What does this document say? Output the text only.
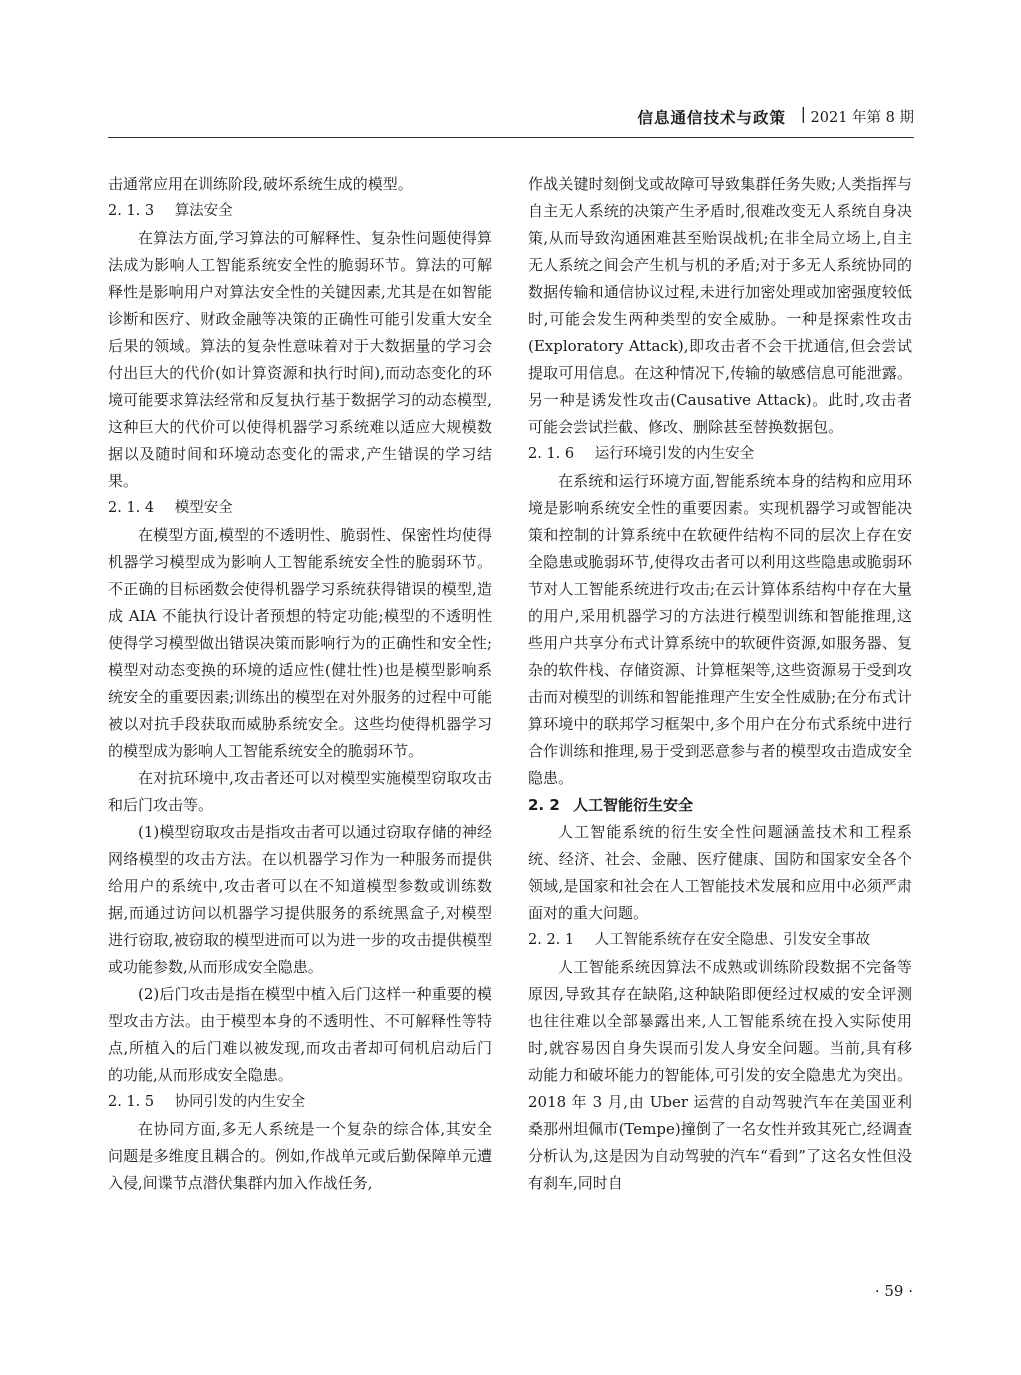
信息通信技术与政策 | 2021 年第 8 期

击通常应用在训练阶段,破坏系统生成的模型。

2. 1. 3 算法安全

在算法方面,学习算法的可解释性、复杂性问题使得算法成为影响人工智能系统安全性的脆弱环节。算法的可解释性是影响用户对算法安全性的关键因素,尤其是在如智能诊断和医疗、财政金融等决策的正确性可能引发重大安全后果的领域。算法的复杂性意味着对于大数据量的学习会付出巨大的代价(如计算资源和执行时间),而动态变化的环境可能要求算法经常和反复执行基于数据学习的动态模型,这种巨大的代价可以使得机器学习系统难以适应大规模数据以及随时间和环境动态变化的需求,产生错误的学习结果。

2. 1. 4 模型安全

在模型方面,模型的不透明性、脆弱性、保密性均使得机器学习模型成为影响人工智能系统安全性的脆弱环节。不正确的目标函数会使得机器学习系统获得错误的模型,造成 AIA 不能执行设计者预想的特定功能;模型的不透明性使得学习模型做出错误决策而影响行为的正确性和安全性;模型对动态变换的环境的适应性(健壮性)也是模型影响系统安全的重要因素;训练出的模型在对外服务的过程中可能被以对抗手段获取而威胁系统安全。这些均使得机器学习的模型成为影响人工智能系统安全的脆弱环节。

在对抗环境中,攻击者还可以对模型实施模型窃取攻击和后门攻击等。

(1)模型窃取攻击是指攻击者可以通过窃取存储的神经网络模型的攻击方法。在以机器学习作为一种服务而提供给用户的系统中,攻击者可以在不知道模型参数或训练数据,而通过访问以机器学习提供服务的系统黑盒子,对模型进行窃取,被窃取的模型进而可以为进一步的攻击提供模型或功能参数,从而形成安全隐患。

(2)后门攻击是指在模型中植入后门这样一种重要的模型攻击方法。由于模型本身的不透明性、不可解释性等特点,所植入的后门难以被发现,而攻击者却可伺机启动后门的功能,从而形成安全隐患。

2. 1. 5 协同引发的内生安全

在协同方面,多无人系统是一个复杂的综合体,其安全问题是多维度且耦合的。例如,作战单元或后勤保障单元遭入侵,间谍节点潜伏集群内加入作战任务,

作战关键时刻倒戈或故障可导致集群任务失败;人类指挥与自主无人系统的决策产生矛盾时,很难改变无人系统自身决策,从而导致沟通困难甚至贻误战机;在非全局立场上,自主无人系统之间会产生机与机的矛盾;对于多无人系统协同的数据传输和通信协议过程,未进行加密处理或加密强度较低时,可能会发生两种类型的安全威胁。一种是探索性攻击(Exploratory Attack),即攻击者不会干扰通信,但会尝试提取可用信息。在这种情况下,传输的敏感信息可能泄露。另一种是诱发性攻击(Causative Attack)。此时,攻击者可能会尝试拦截、修改、删除甚至替换数据包。

2. 1. 6 运行环境引发的内生安全

在系统和运行环境方面,智能系统本身的结构和应用环境是影响系统安全性的重要因素。实现机器学习或智能决策和控制的计算系统中在软硬件结构不同的层次上存在安全隐患或脆弱环节,使得攻击者可以利用这些隐患或脆弱环节对人工智能系统进行攻击;在云计算体系结构中存在大量的用户,采用机器学习的方法进行模型训练和智能推理,这些用户共享分布式计算系统中的软硬件资源,如服务器、复杂的软件栈、存储资源、计算框架等,这些资源易于受到攻击而对模型的训练和智能推理产生安全性威胁;在分布式计算环境中的联邦学习框架中,多个用户在分布式系统中进行合作训练和推理,易于受到恶意参与者的模型攻击造成安全隐患。

2. 2 人工智能衍生安全

人工智能系统的衍生安全性问题涵盖技术和工程系统、经济、社会、金融、医疗健康、国防和国家安全各个领域,是国家和社会在人工智能技术发展和应用中必须严肃面对的重大问题。

2. 2. 1 人工智能系统存在安全隐患、引发安全事故

人工智能系统因算法不成熟或训练阶段数据不完备等原因,导致其存在缺陷,这种缺陷即便经过权威的安全评测也往往难以全部暴露出来,人工智能系统在投入实际使用时,就容易因自身失误而引发人身安全问题。当前,具有移动能力和破坏能力的智能体,可引发的安全隐患尤为突出。2018 年 3 月,由 Uber 运营的自动驾驶汽车在美国亚利桑那州坦佩市(Tempe)撞倒了一名女性并致其死亡,经调查分析认为,这是因为自动驾驶的汽车“看到”了这名女性但没有刹车,同时自

· 59 ·
